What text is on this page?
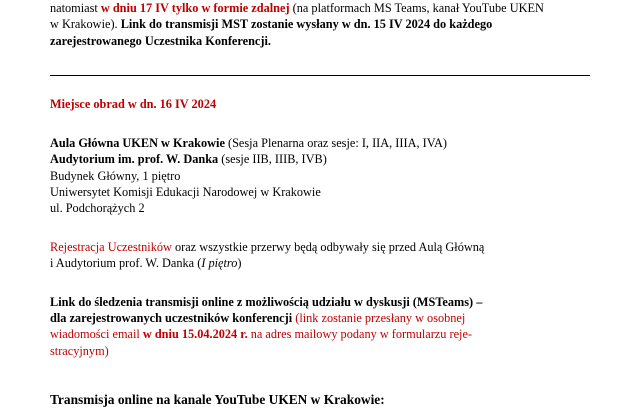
natomiast w dniu 17 IV tylko w formie zdalnej (na platformach MS Teams, kanał YouTube UKEN

w Krakowie). Link do transmisji MST zostanie wysłany w dn. 15 IV 2024 do każdego

zarejestrowanego Uczestnika Konferencji.

Miejsce obrad w dn. 16 IV 2024

Aula Główna UKEN w Krakowie (Sesja Plenarna oraz sesje: I, IIA, IIIA, IVA)

Audytorium im. prof. W. Danka (sesje IIB, IIIB, IVB)

Budynek Główny, 1 piętro

Uniwersytet Komisji Edukacji Narodowej w Krakowie

ul. Podchorążych 2

Rejestracja Uczestników oraz wszystkie przerwy będą odbywały się przed Aulą Główną

i Audytorium prof. W. Danka (I piętro)

Link do śledzenia transmisji online z możliwością udziału w dyskusji (MSTeams) –

dla zarejestrowanych uczestników konferencji (link zostanie przesłany w osobnej

wiadomości email w dniu 15.04.2024 r. na adres mailowy podany w formularzu reje-

stracyjnym)

Transmisja online na kanale YouTube UKEN w Krakowie:
